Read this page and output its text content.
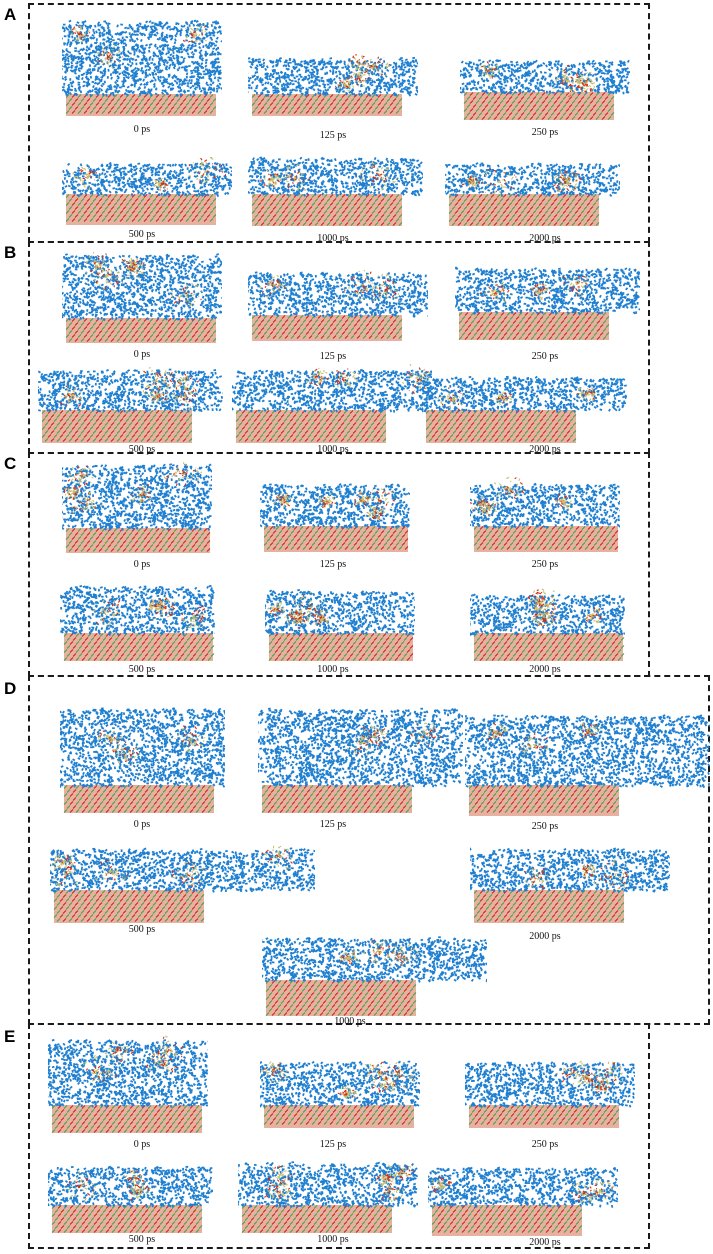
A
B
C
D
E
0 ps
125 ps	250 ps
500 ps	1000 ps	2000 ps
0 ps	125 ps	250 ps
500 ps	1000 ps	2000 ps
0 ps	125 ps	250 ps
500 ps	1000 ps	2000 ps
0 ps	125 ps	250 ps
500 ps
2000 ps
1000 ps
0 ps	125 ps	250 ps
500 ps	1000 ps	2000 ps
